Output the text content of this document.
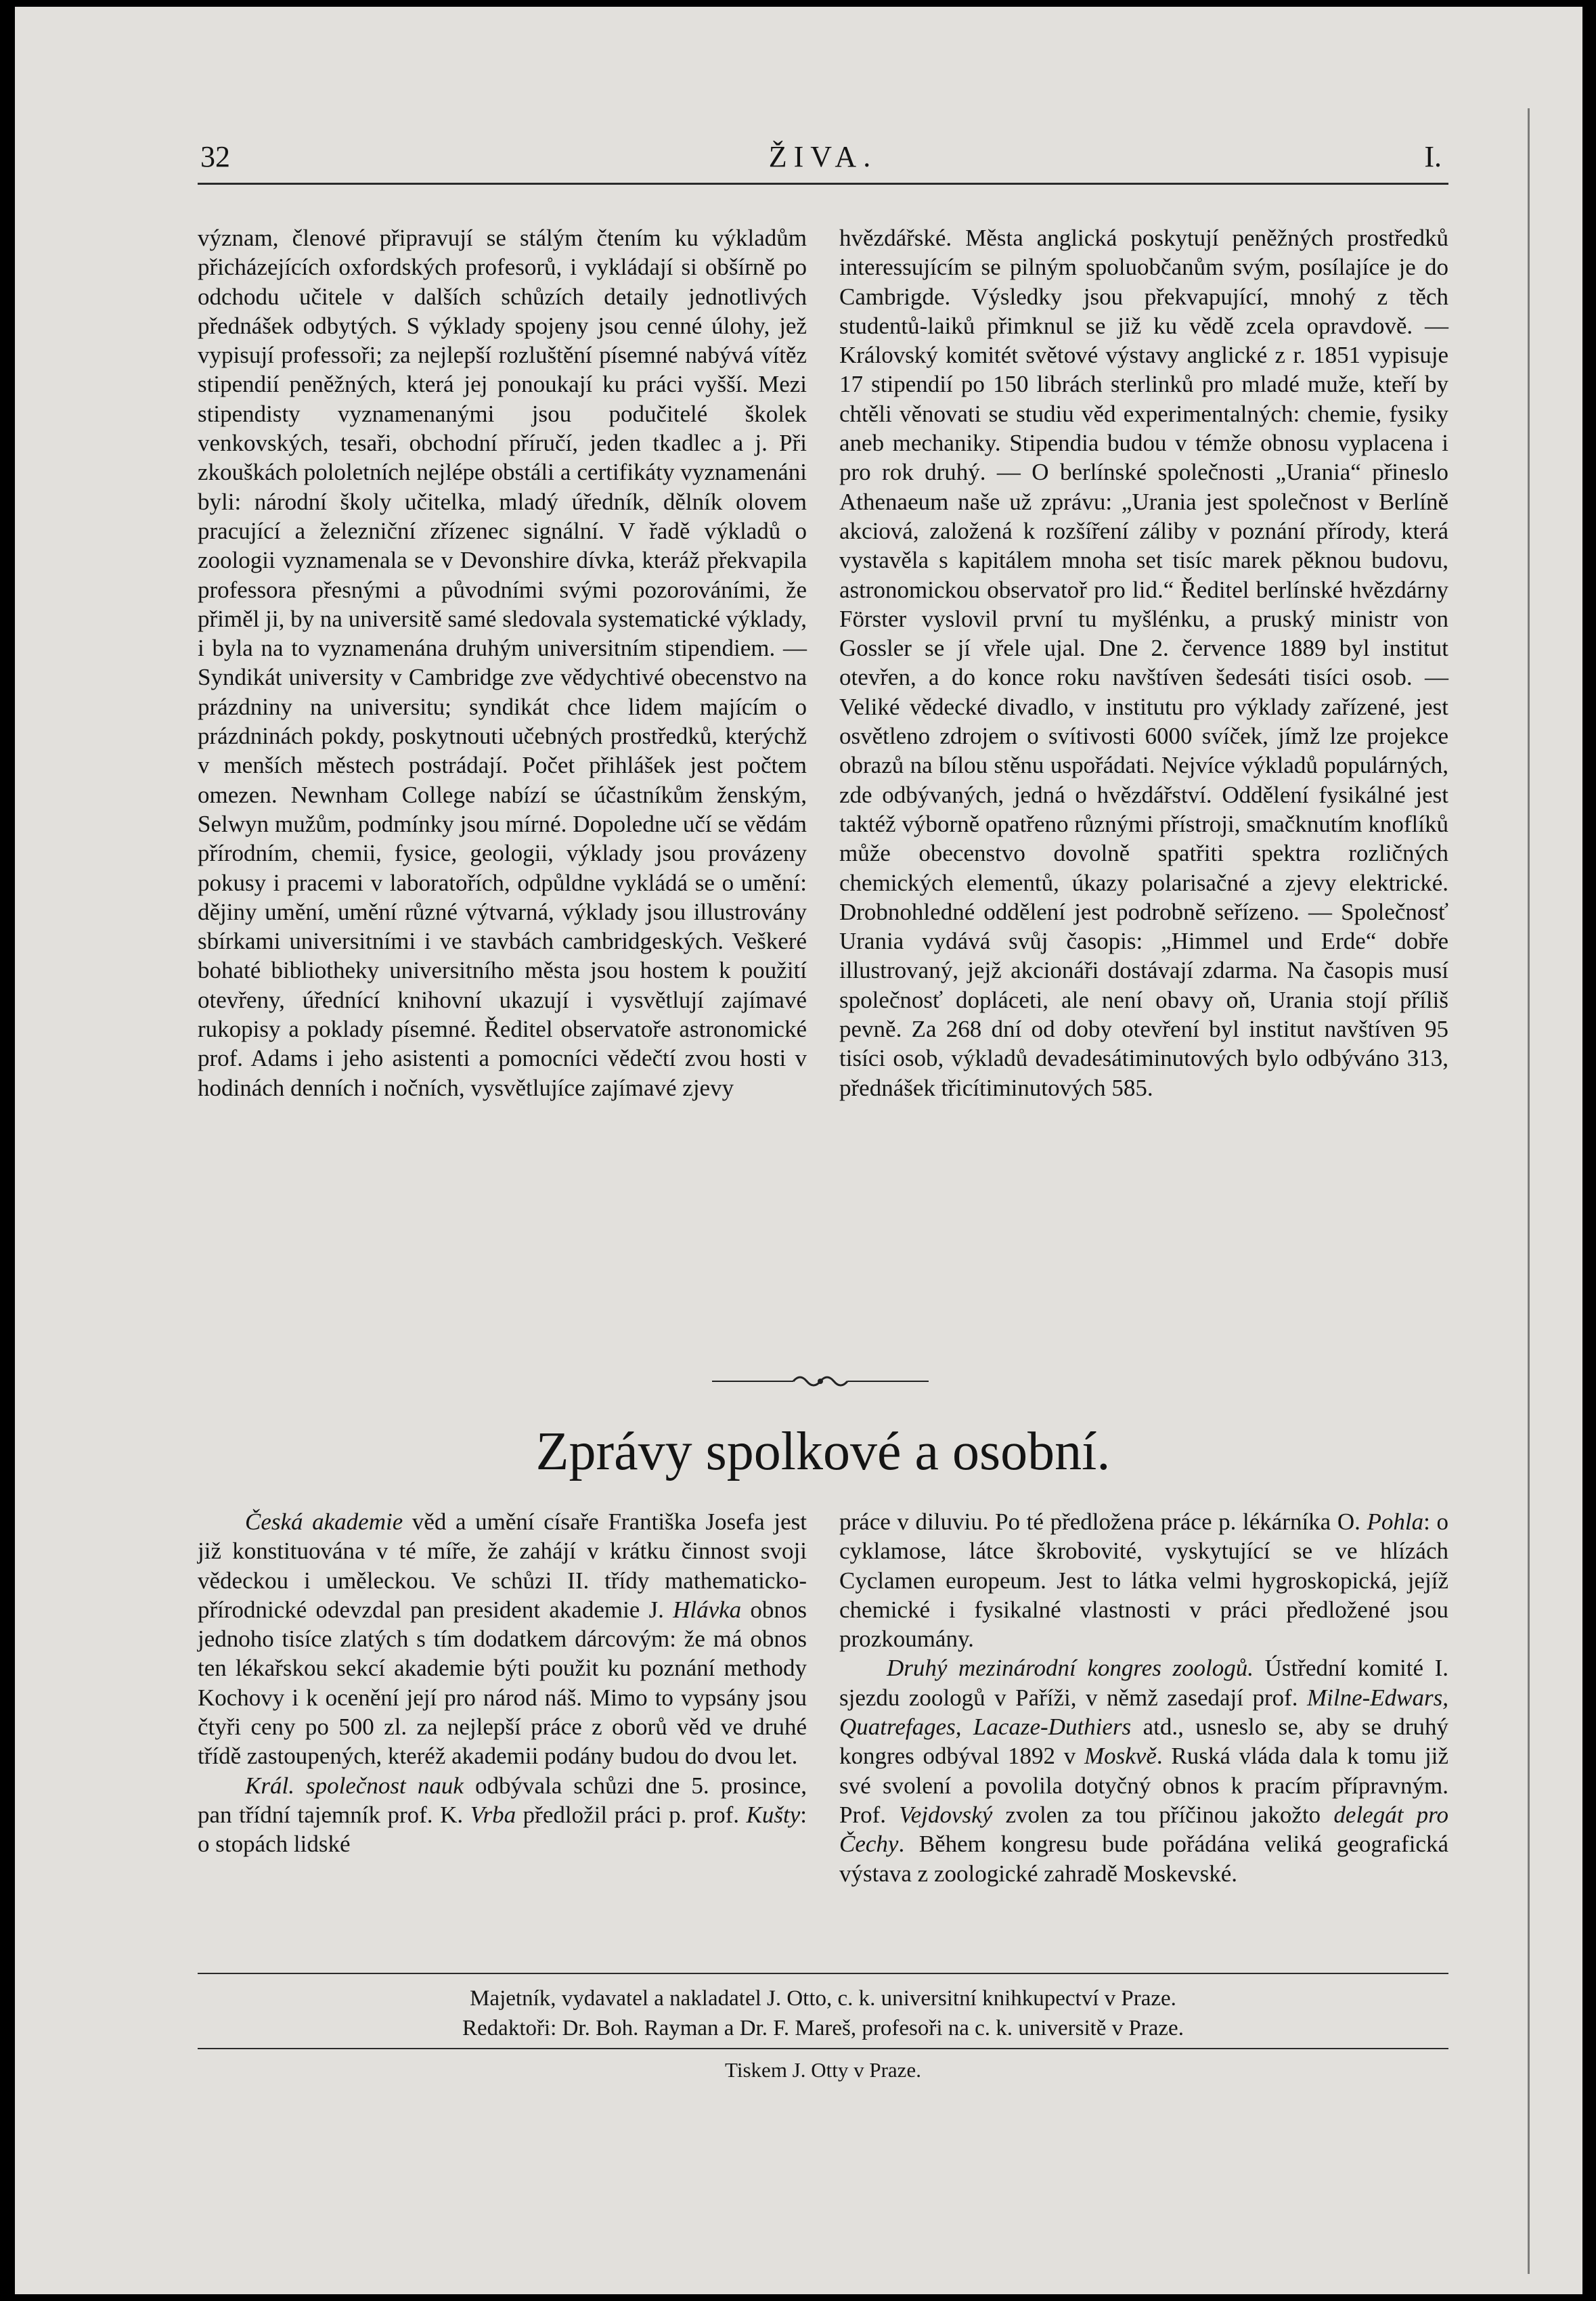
32	ŽIVA.	I.

význam, členové připravují se stálým čtením ku výkladům přicházejících oxfordských profesorů, i vykládají si obšírně po odchodu učitele v dalších schůzích detaily jednotlivých přednášek odbytých. S výklady spojeny jsou cenné úlohy, jež vypisují professoři; za nejlepší rozluštění písemné nabývá vítěz stipendií peněžných, která jej ponoukají ku práci vyšší. Mezi stipendisty vyznamenanými jsou podučitelé školek venkovských, tesaři, obchodní příručí, jeden tkadlec a j. Při zkouškách pololetních nejlépe obstáli a certifikáty vyznamenáni byli: národní školy učitelka, mladý úředník, dělník olovem pracující a železniční zřízenec signální. V řadě výkladů o zoologii vyznamenala se v Devonshire dívka, kteráž překvapila professora přesnými a původními svými pozorováními, že přiměl ji, by na universitě samé sledovala systematické výklady, i byla na to vyznamenána druhým universitním stipendiem. — Syndikát university v Cambridge zve vědychtivé obecenstvo na prázdniny na universitu; syndikát chce lidem majícím o prázdninách pokdy, poskytnouti učebných prostředků, kterýchž v menších městech postrádají. Počet přihlášek jest počtem omezen. Newnham College nabízí se účastníkům ženským, Selwyn mužům, podmínky jsou mírné. Dopoledne učí se vědám přírodním, chemii, fysice, geologii, výklady jsou provázeny pokusy i pracemi v laboratořích, odpůldne vykládá se o umění: dějiny umění, umění různé výtvarná, výklady jsou illustrovány sbírkami universitními i ve stavbách cambridgeských. Veškeré bohaté bibliotheky universitního města jsou hostem k použití otevřeny, úřednící knihovní ukazují i vysvětlují zajímavé rukopisy a poklady písemné. Ředitel observatoře astronomické prof. Adams i jeho asistenti a pomocníci vědečtí zvou hosti v hodinách denních i nočních, vysvětlujíce zajímavé zjevy

hvězdářské. Města anglická poskytují peněžných prostředků interessujícím se pilným spoluobčanům svým, posílajíce je do Cambrigde. Výsledky jsou překvapující, mnohý z těch studentů-laiků přimknul se již ku vědě zcela opravdově. — Královský komitét světové výstavy anglické z r. 1851 vypisuje 17 stipendií po 150 librách sterlinků pro mladé muže, kteří by chtěli věnovati se studiu věd experimentalných: chemie, fysiky aneb mechaniky. Stipendia budou v témže obnosu vyplacena i pro rok druhý. — O berlínské společnosti „Urania“ přineslo Athenaeum naše už zprávu: „Urania jest společnost v Berlíně akciová, založená k rozšíření záliby v poznání přírody, která vystavěla s kapitálem mnoha set tisíc marek pěknou budovu, astronomickou observatoř pro lid.“ Ředitel berlínské hvězdárny Förster vyslovil první tu myšlénku, a pruský ministr von Gossler se jí vřele ujal. Dne 2. července 1889 byl institut otevřen, a do konce roku navštíven šedesáti tisíci osob. — Veliké vědecké divadlo, v institutu pro výklady zařízené, jest osvětleno zdrojem o svítivosti 6000 svíček, jímž lze projekce obrazů na bílou stěnu uspořádati. Nejvíce výkladů populárných, zde odbývaných, jedná o hvězdářství. Oddělení fysikálné jest taktéž výborně opatřeno různými přístroji, smačknutím knoflíků může obecenstvo dovolně spatřiti spektra rozličných chemických elementů, úkazy polarisačné a zjevy elektrické. Drobnohledné oddělení jest podrobně seřízeno. — Společnosť Urania vydává svůj časopis: „Himmel und Erde“ dobře illustrovaný, jejž akcionáři dostávají zdarma. Na časopis musí společnosť dopláceti, ale není obavy oň, Urania stojí příliš pevně. Za 268 dní od doby otevření byl institut navštíven 95 tisíci osob, výkladů devadesátiminutových bylo odbýváno 313, přednášek třicítiminutových 585.

Zprávy spolkové a osobní.

Česká akademie věd a umění císaře Františka Josefa jest již konstituována v té míře, že zahájí v krátku činnost svoji vědeckou i uměleckou. Ve schůzi II. třídy mathematicko-přírodnické odevzdal pan president akademie J. Hlávka obnos jednoho tisíce zlatých s tím dodatkem dárcovým: že má obnos ten lékařskou sekcí akademie býti použit ku poznání methody Kochovy i k ocenění její pro národ náš. Mimo to vypsány jsou čtyři ceny po 500 zl. za nejlepší práce z oborů věd ve druhé třídě zastoupených, kteréž akademii podány budou do dvou let.

Král. společnost nauk odbývala schůzi dne 5. prosince, pan třídní tajemník prof. K. Vrba předložil práci p. prof. Kušty: o stopách lidské

práce v diluviu. Po té předložena práce p. lékárníka O. Pohla: o cyklamose, látce škrobovité, vyskytující se ve hlízách Cyclamen europeum. Jest to látka velmi hygroskopická, jejíž chemické i fysikalné vlastnosti v práci předložené jsou prozkoumány.

Druhý mezinárodní kongres zoologů. Ústřední komité I. sjezdu zoologů v Paříži, v němž zasedají prof. Milne-Edwars, Quatrefages, Lacaze-Duthiers atd., usneslo se, aby se druhý kongres odbýval 1892 v Moskvě. Ruská vláda dala k tomu již své svolení a povolila dotyčný obnos k pracím přípravným. Prof. Vejdovský zvolen za tou příčinou jakožto delegát pro Čechy. Během kongresu bude pořádána veliká geografická výstava z zoologické zahradě Moskevské.

Majetník, vydavatel a nakladatel J. Otto, c. k. universitní knihkupectví v Praze.
Redaktoři: Dr. Boh. Rayman a Dr. F. Mareš, profesoři na c. k. universitě v Praze.
Tiskem J. Otty v Praze.
